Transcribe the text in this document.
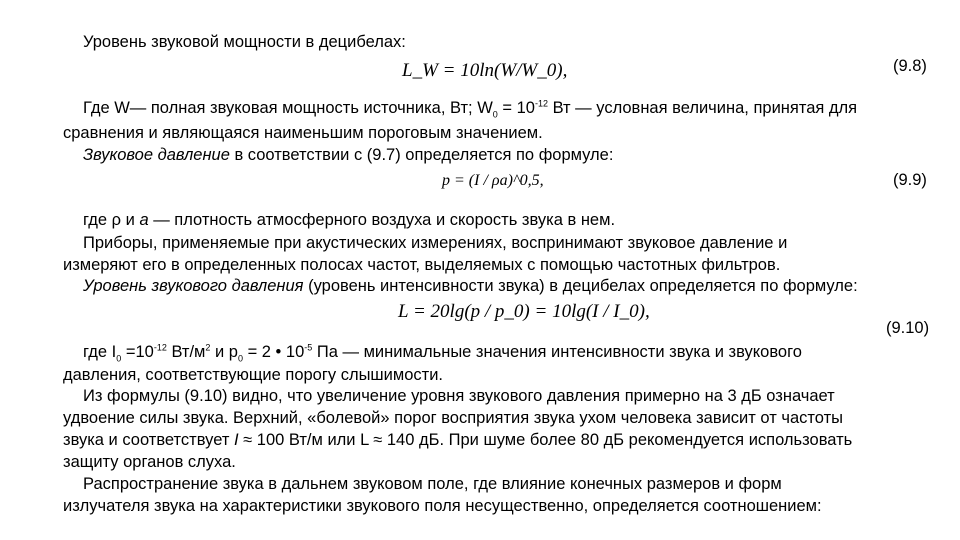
Уровень звуковой мощности в децибелах:
L_W = 10ln(W/W_0),	(9.8)
Где W— полная звуковая мощность источника, Вт; $W_0 = 10^{-12}$ Вт — условная величина, принятая для
сравнения и являющаяся наименьшим пороговым значением.
Звуковое давление в соответствии с (9.7) определяется по формуле:
p = (I / ρa)^0,5,	(9.9)
где ρ и а — плотность атмосферного воздуха и скорость звука в нем.
Приборы, применяемые при акустических измерениях, воспринимают звуковое давление и
измеряют его в определенных полосах частот, выделяемых с помощью частотных фильтров.
Уровень звукового давления (уровень интенсивности звука) в децибелах определяется по формуле:
L = 20lg(p / p_0) = 10lg(I / I_0),
(9.10)
где $I_0 =10^{-12}$ $Вт/м^2$ и $р_0 = 2$ • $10^{-5}$ Па — минимальные значения интенсивности звука и звукового
давления, соответствующие порогу слышимости.
Из формулы (9.10) видно, что увеличение уровня звукового давления примерно на 3 дБ означает
удвоение силы звука. Верхний, «болевой» порог восприятия звука ухом человека зависит от частоты
звука и соответствует I ≈ 100 Вт/м или L ≈ 140 дБ. При шуме более 80 дБ рекомендуется использовать
защиту органов слуха.
Распространение звука в дальнем звуковом поле, где влияние конечных размеров и форм
излучателя звука на характеристики звукового поля несущественно, определяется соотношением:
